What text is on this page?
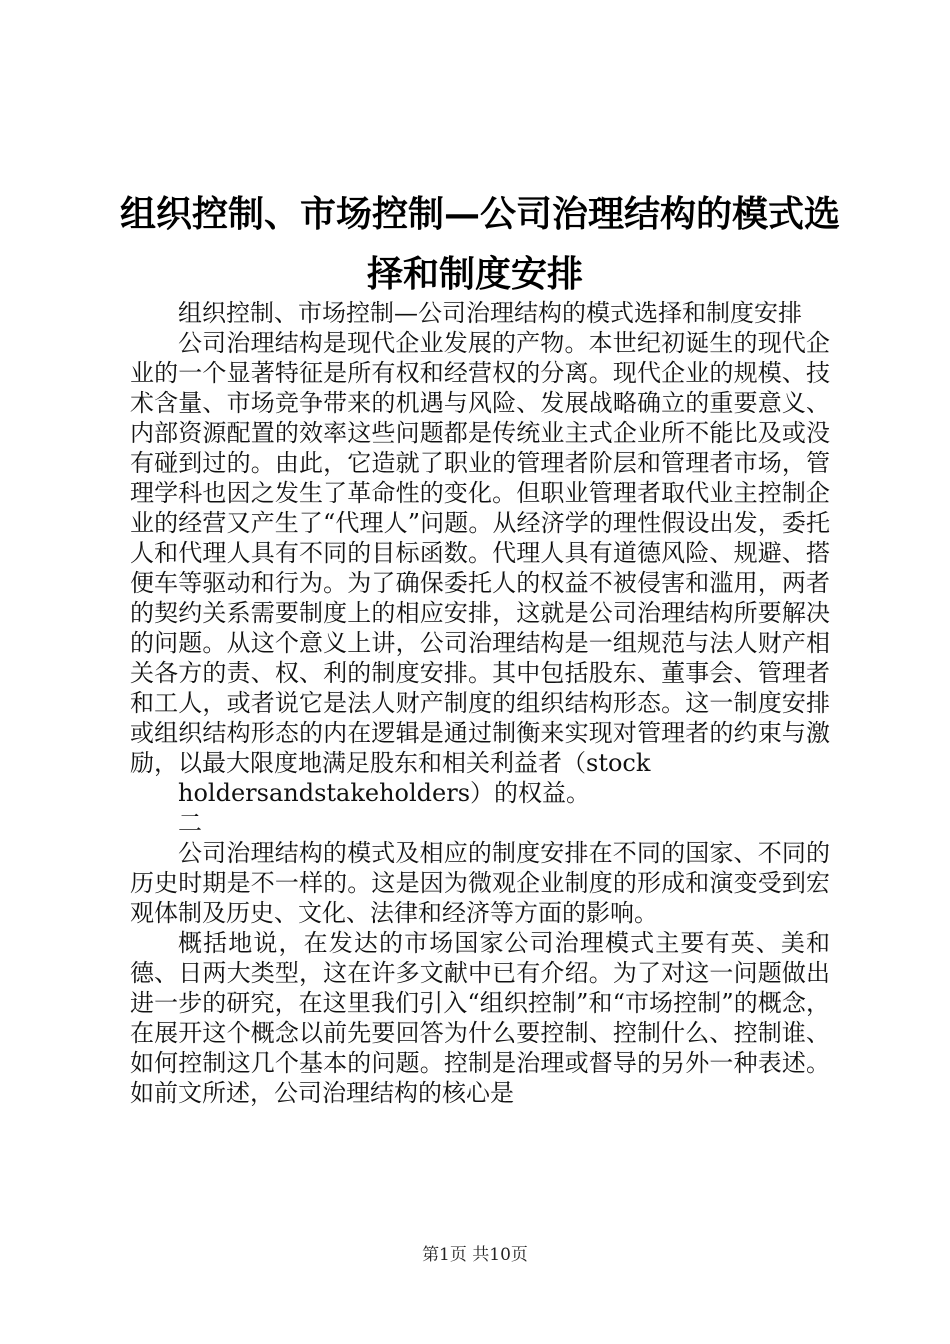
组织控制、市场控制—公司治理结构的模式选
择和制度安排

组织控制、市场控制—公司治理结构的模式选择和制度安排

公司治理结构是现代企业发展的产物。本世纪初诞生的现代企业的一个显著特征是所有权和经营权的分离。现代企业的规模、技术含量、市场竞争带来的机遇与风险、发展战略确立的重要意义、内部资源配置的效率这些问题都是传统业主式企业所不能比及或没有碰到过的。由此，它造就了职业的管理者阶层和管理者市场，管理学科也因之发生了革命性的变化。但职业管理者取代业主控制企业的经营又产生了“代理人”问题。从经济学的理性假设出发，委托人和代理人具有不同的目标函数。代理人具有道德风险、规避、搭便车等驱动和行为。为了确保委托人的权益不被侵害和滥用，两者的契约关系需要制度上的相应安排，这就是公司治理结构所要解决的问题。从这个意义上讲，公司治理结构是一组规范与法人财产相关各方的责、权、利的制度安排。其中包括股东、董事会、管理者和工人，或者说它是法人财产制度的组织结构形态。这一制度安排或组织结构形态的内在逻辑是通过制衡来实现对管理者的约束与激励，以最大限度地满足股东和相关利益者（stock

holdersandstakeholders）的权益。

二

公司治理结构的模式及相应的制度安排在不同的国家、不同的历史时期是不一样的。这是因为微观企业制度的形成和演变受到宏观体制及历史、文化、法律和经济等方面的影响。

概括地说，在发达的市场国家公司治理模式主要有英、美和德、日两大类型，这在许多文献中已有介绍。为了对这一问题做出进一步的研究，在这里我们引入“组织控制”和“市场控制”的概念，在展开这个概念以前先要回答为什么要控制、控制什么、控制谁、如何控制这几个基本的问题。控制是治理或督导的另外一种表述。如前文所述，公司治理结构的核心是

第1页 共10页
